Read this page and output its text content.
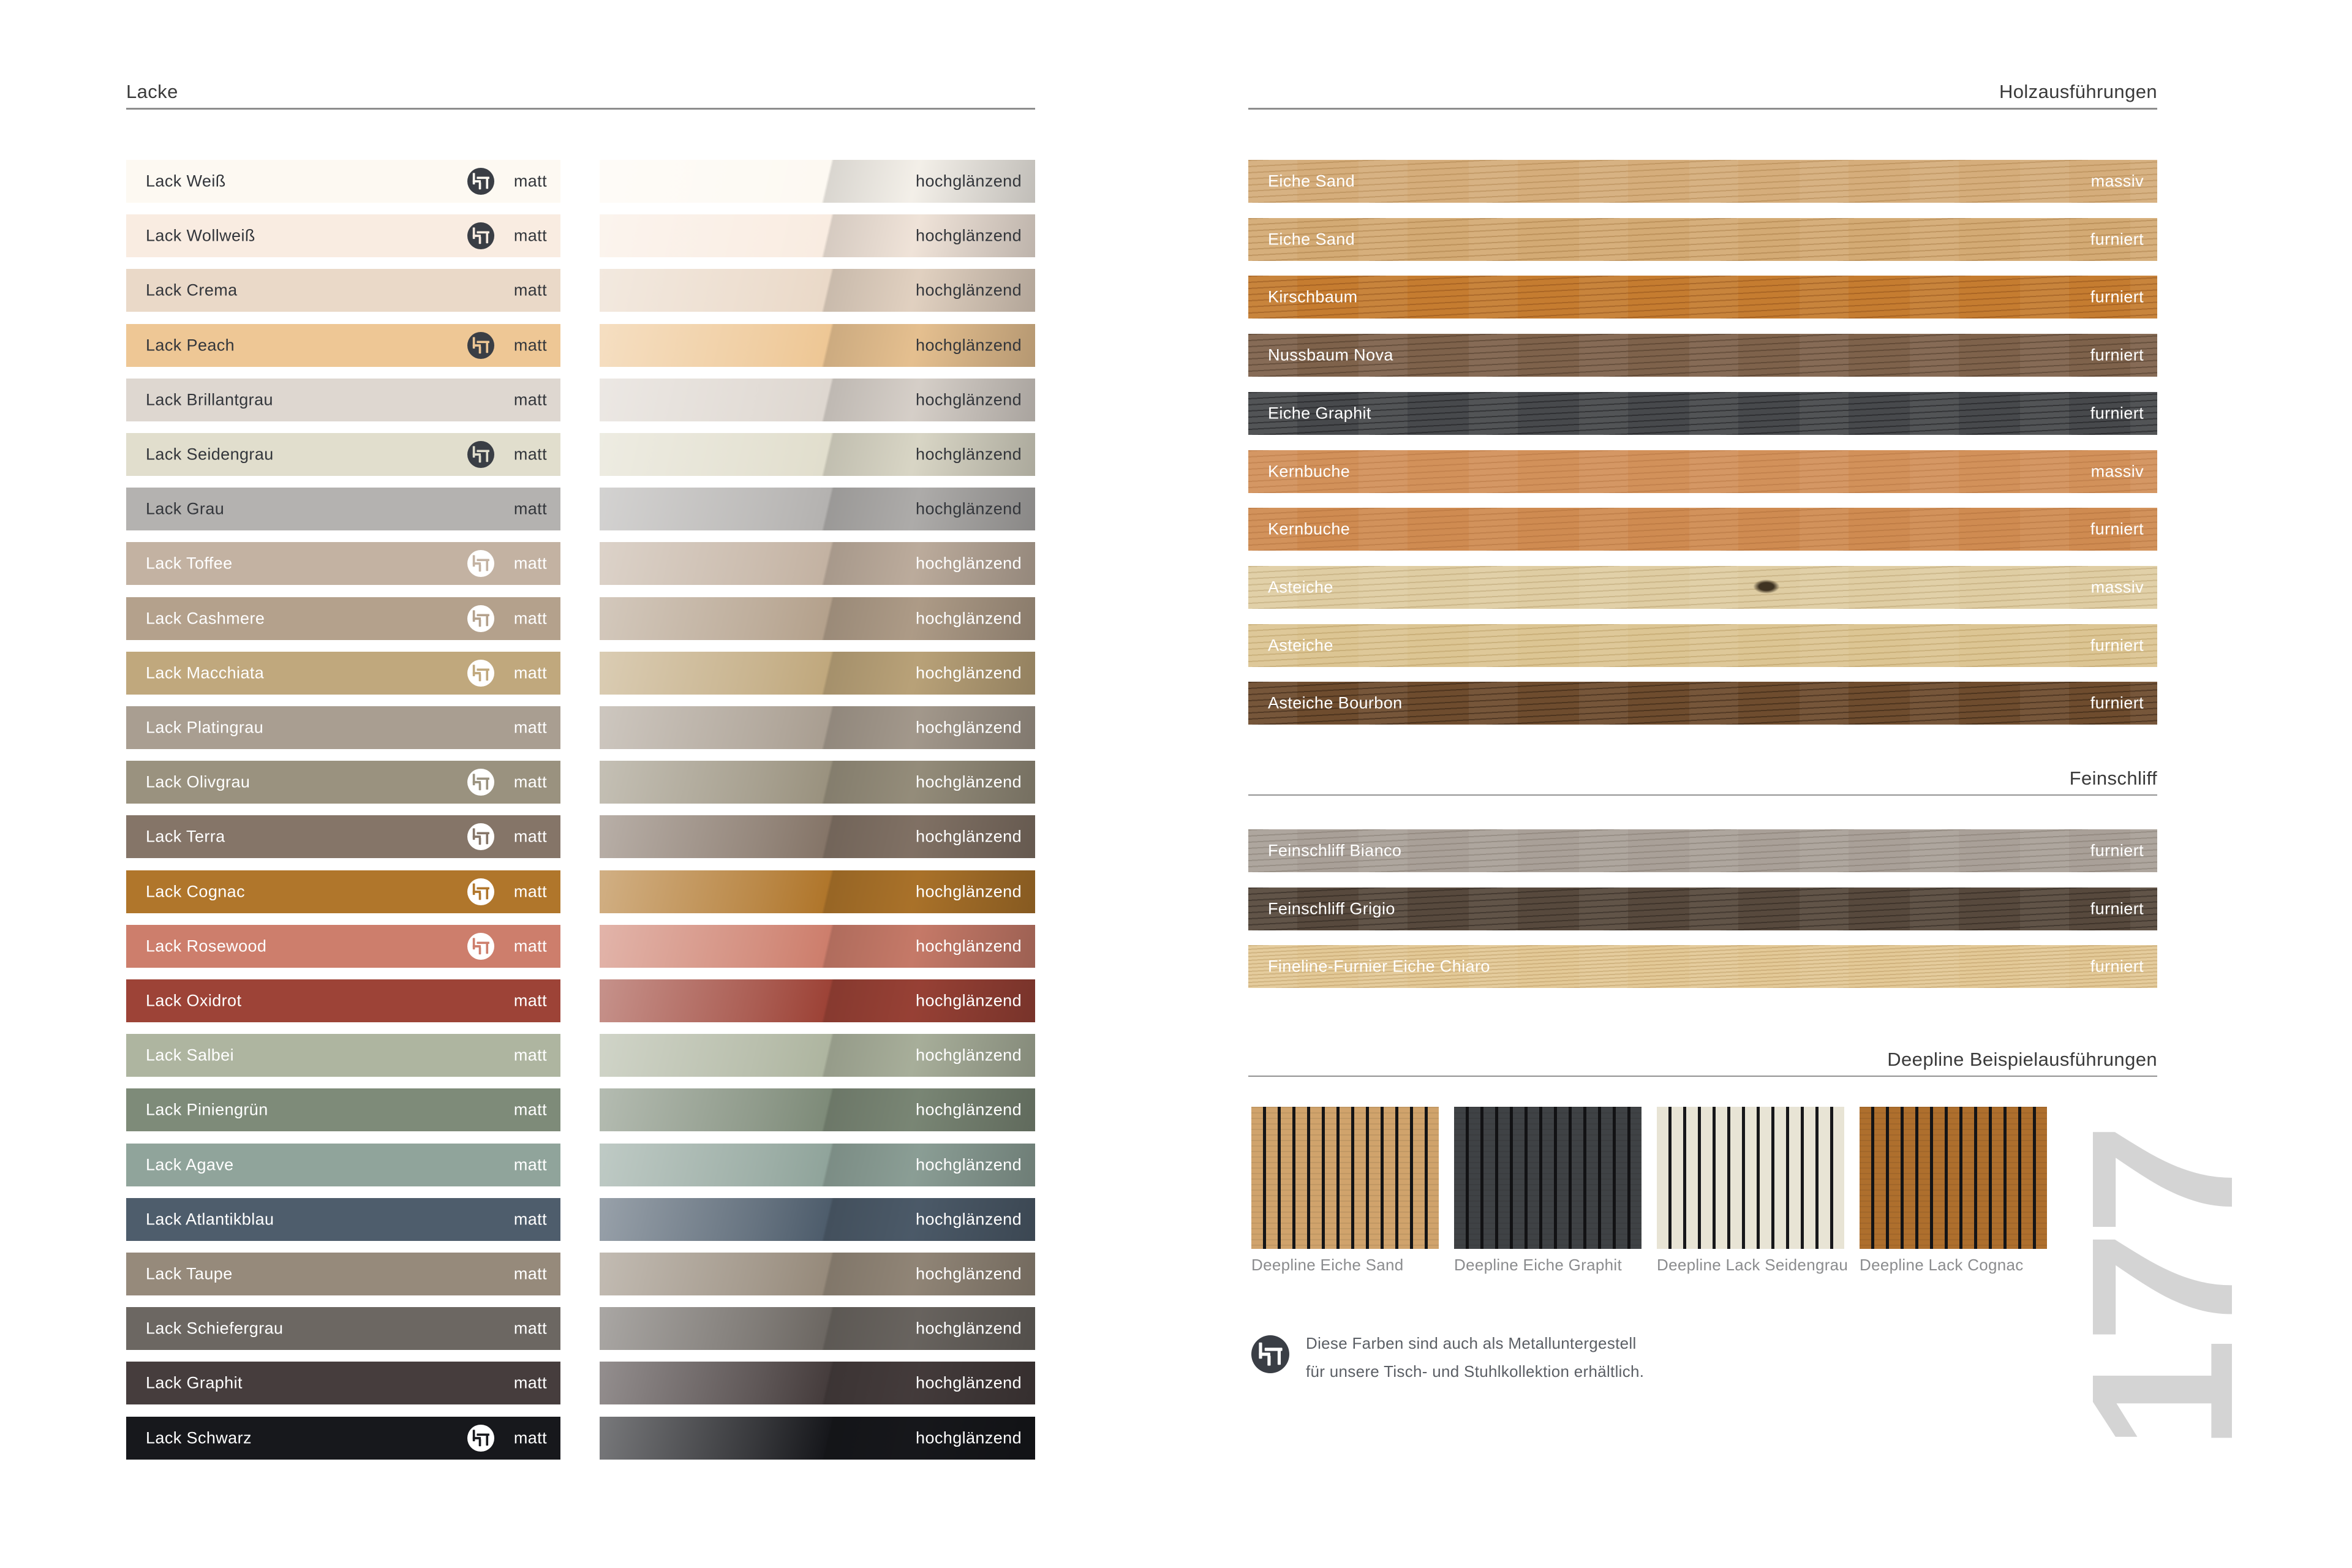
Lacke	Holzausführungen
Lack Weiß	matt	hochglänzend
Lack Wollweiß	matt	hochglänzend
Lack Crema	matt	hochglänzend
Lack Peach	matt	hochglänzend
Lack Brillantgrau	matt	hochglänzend
Lack Seidengrau	matt	hochglänzend
Lack Grau	matt	hochglänzend
Lack Toffee	matt	hochglänzend
Lack Cashmere	matt	hochglänzend
Lack Macchiata	matt	hochglänzend
Lack Platingrau	matt	hochglänzend
Lack Olivgrau	matt	hochglänzend
Lack Terra	matt	hochglänzend
Lack Cognac	matt	hochglänzend
Lack Rosewood	matt	hochglänzend
Lack Oxidrot	matt	hochglänzend
Lack Salbei	matt	hochglänzend
Lack Piniengrün	matt	hochglänzend
Lack Agave	matt	hochglänzend
Lack Atlantikblau	matt	hochglänzend
Lack Taupe	matt	hochglänzend
Lack Schiefergrau	matt	hochglänzend
Lack Graphit	matt	hochglänzend
Lack Schwarz	matt	hochglänzend
Eiche Sand	massiv
Eiche Sand	furniert
Kirschbaum	furniert
Nussbaum Nova	furniert
Eiche Graphit	furniert
Kernbuche	massiv
Kernbuche	furniert
Asteiche	massiv
Asteiche	furniert
Asteiche Bourbon	furniert
Feinschliff
Feinschliff Bianco	furniert
Feinschliff Grigio	furniert
Fineline-Furnier Eiche Chiaro	furniert
Deepline Beispielausführungen
Deepline Eiche Sand	Deepline Eiche Graphit Deepline Lack Seidengrau Deepline Lack Cognac
Diese Farben sind auch als Metalluntergestell
für unsere Tisch- und Stuhlkollektion erhältlich. 177
